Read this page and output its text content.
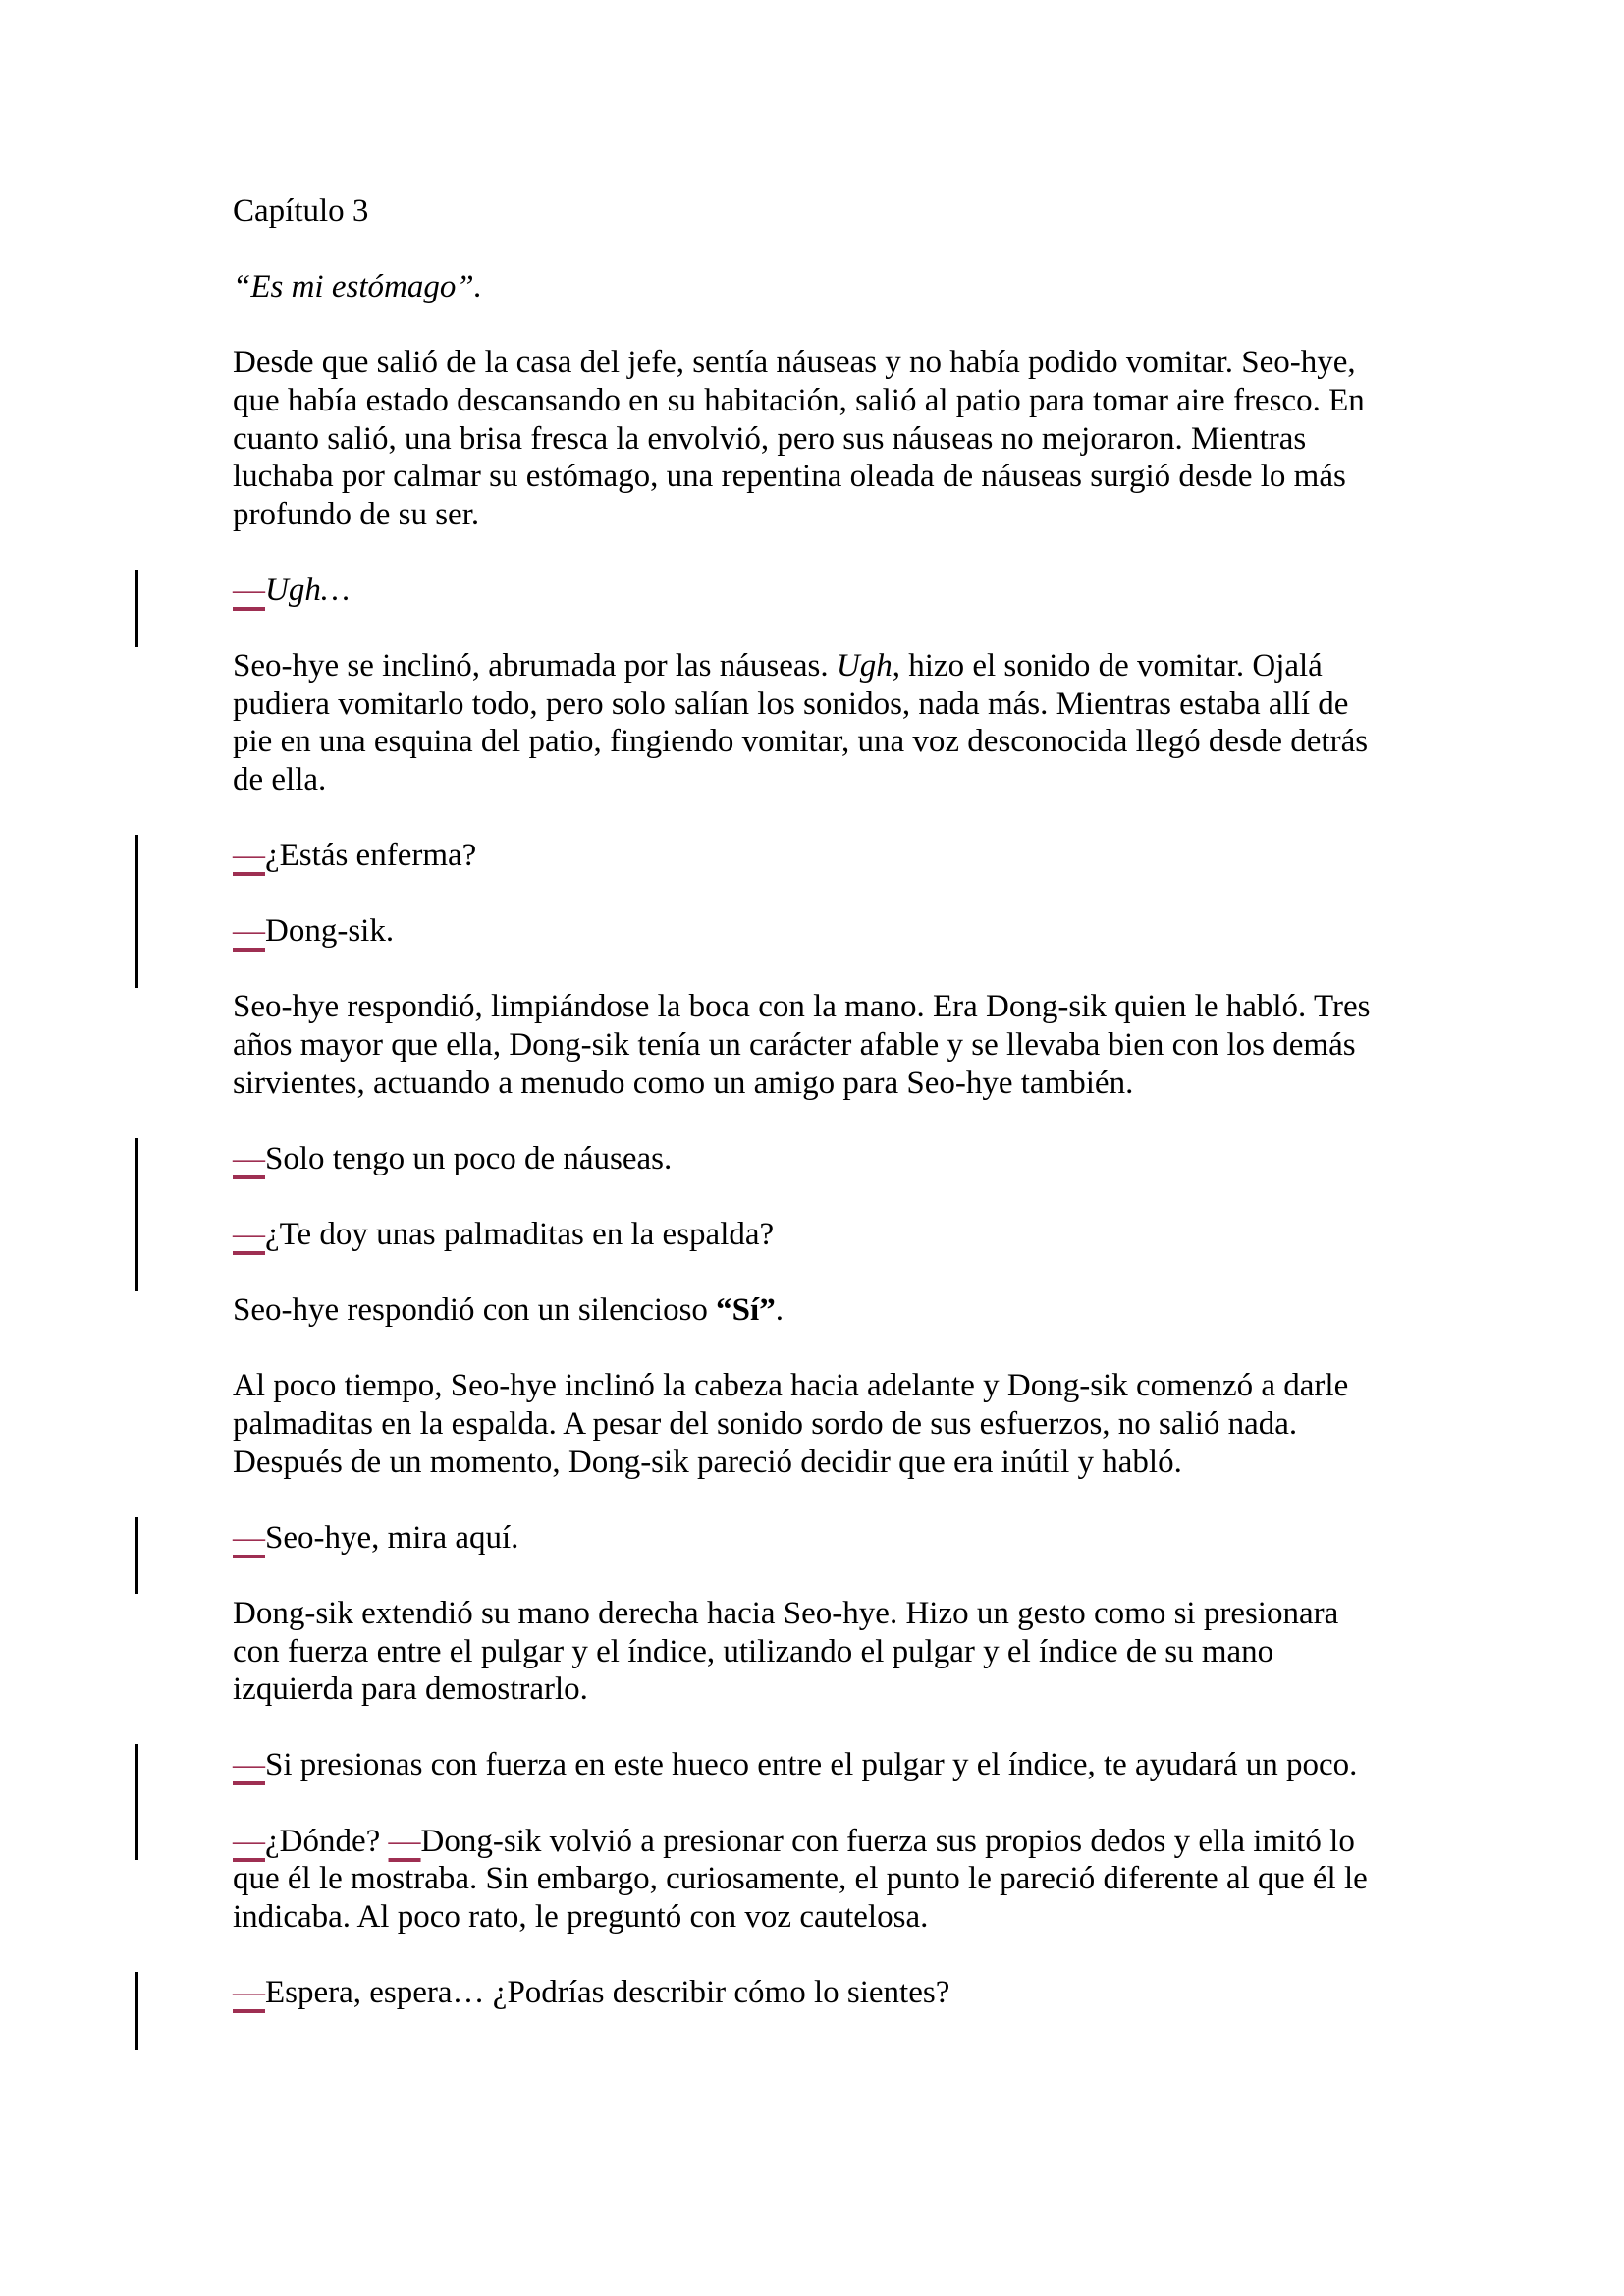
Capítulo 3

“Es mi estómago”.

Desde que salió de la casa del jefe, sentía náuseas y no había podido vomitar. Seo-hye,
que había estado descansando en su habitación, salió al patio para tomar aire fresco. En
cuanto salió, una brisa fresca la envolvió, pero sus náuseas no mejoraron. Mientras
luchaba por calmar su estómago, una repentina oleada de náuseas surgió desde lo más
profundo de su ser.

—Ugh…

Seo-hye se inclinó, abrumada por las náuseas. Ugh, hizo el sonido de vomitar. Ojalá
pudiera vomitarlo todo, pero solo salían los sonidos, nada más. Mientras estaba allí de
pie en una esquina del patio, fingiendo vomitar, una voz desconocida llegó desde detrás
de ella.

—¿Estás enferma?

—Dong-sik.

Seo-hye respondió, limpiándose la boca con la mano. Era Dong-sik quien le habló. Tres
años mayor que ella, Dong-sik tenía un carácter afable y se llevaba bien con los demás
sirvientes, actuando a menudo como un amigo para Seo-hye también.

—Solo tengo un poco de náuseas.

—¿Te doy unas palmaditas en la espalda?

Seo-hye respondió con un silencioso “Sí”.

Al poco tiempo, Seo-hye inclinó la cabeza hacia adelante y Dong-sik comenzó a darle
palmaditas en la espalda. A pesar del sonido sordo de sus esfuerzos, no salió nada.
Después de un momento, Dong-sik pareció decidir que era inútil y habló.

—Seo-hye, mira aquí.

Dong-sik extendió su mano derecha hacia Seo-hye. Hizo un gesto como si presionara
con fuerza entre el pulgar y el índice, utilizando el pulgar y el índice de su mano
izquierda para demostrarlo.

—Si presionas con fuerza en este hueco entre el pulgar y el índice, te ayudará un poco.

—¿Dónde? —Dong-sik volvió a presionar con fuerza sus propios dedos y ella imitó lo
que él le mostraba. Sin embargo, curiosamente, el punto le pareció diferente al que él le
indicaba. Al poco rato, le preguntó con voz cautelosa.

—Espera, espera… ¿Podrías describir cómo lo sientes?
